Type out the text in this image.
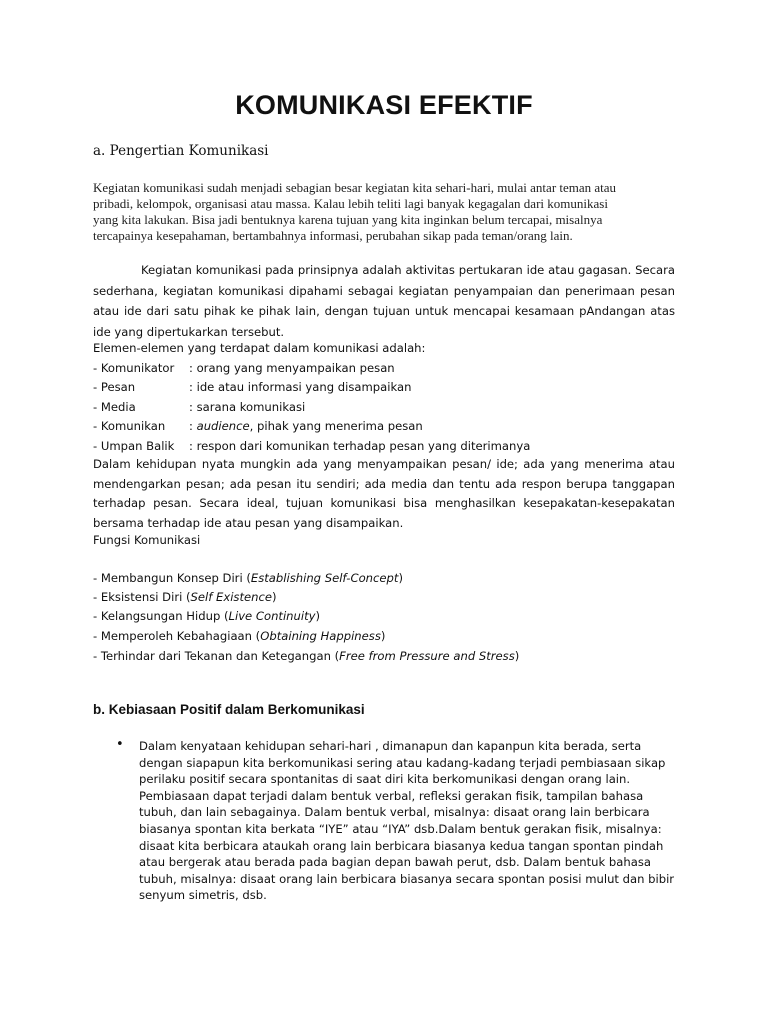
KOMUNIKASI EFEKTIF
a. Pengertian Komunikasi
Kegiatan komunikasi sudah menjadi sebagian besar kegiatan kita sehari-hari, mulai antar teman atau
pribadi, kelompok, organisasi atau massa. Kalau lebih teliti lagi banyak kegagalan dari komunikasi
yang kita lakukan. Bisa jadi bentuknya karena tujuan yang kita inginkan belum tercapai, misalnya
tercapainya kesepahaman, bertambahnya informasi, perubahan sikap pada teman/orang lain.
Kegiatan komunikasi pada prinsipnya adalah aktivitas pertukaran ide atau gagasan. Secara sederhana, kegiatan komunikasi dipahami sebagai kegiatan penyampaian dan penerimaan pesan atau ide dari satu pihak ke pihak lain, dengan tujuan untuk mencapai kesamaan pAndangan atas ide yang dipertukarkan tersebut.
Elemen-elemen yang terdapat dalam komunikasi adalah:
- Komunikator : orang yang menyampaikan pesan
- Pesan	: ide atau informasi yang disampaikan
- Media	: sarana komunikasi
- Komunikan : audience, pihak yang menerima pesan
- Umpan Balik : respon dari komunikan terhadap pesan yang diterimanya
Dalam kehidupan nyata mungkin ada yang menyampaikan pesan/ ide; ada yang menerima atau mendengarkan pesan; ada pesan itu sendiri; ada media dan tentu ada respon berupa tanggapan terhadap pesan. Secara ideal, tujuan komunikasi bisa menghasilkan kesepakatan-kesepakatan bersama terhadap ide atau pesan yang disampaikan.
Fungsi Komunikasi
- Membangun Konsep Diri (Establishing Self-Concept)
- Eksistensi Diri (Self Existence)
- Kelangsungan Hidup (Live Continuity)
- Memperoleh Kebahagiaan (Obtaining Happiness)
- Terhindar dari Tekanan dan Ketegangan (Free from Pressure and Stress)
b. Kebiasaan Positif dalam Berkomunikasi
• Dalam kenyataan kehidupan sehari-hari , dimanapun dan kapanpun kita berada, serta
dengan siapapun kita berkomunikasi sering atau kadang-kadang terjadi pembiasaan sikap
perilaku positif secara spontanitas di saat diri kita berkomunikasi dengan orang lain.
Pembiasaan dapat terjadi dalam bentuk verbal, refleksi gerakan fisik, tampilan bahasa
tubuh, dan lain sebagainya. Dalam bentuk verbal, misalnya: disaat orang lain berbicara
biasanya spontan kita berkata “IYE” atau “IYA” dsb.Dalam bentuk gerakan fisik, misalnya:
disaat kita berbicara ataukah orang lain berbicara biasanya kedua tangan spontan pindah
atau bergerak atau berada pada bagian depan bawah perut, dsb. Dalam bentuk bahasa
tubuh, misalnya: disaat orang lain berbicara biasanya secara spontan posisi mulut dan bibir
senyum simetris, dsb.
